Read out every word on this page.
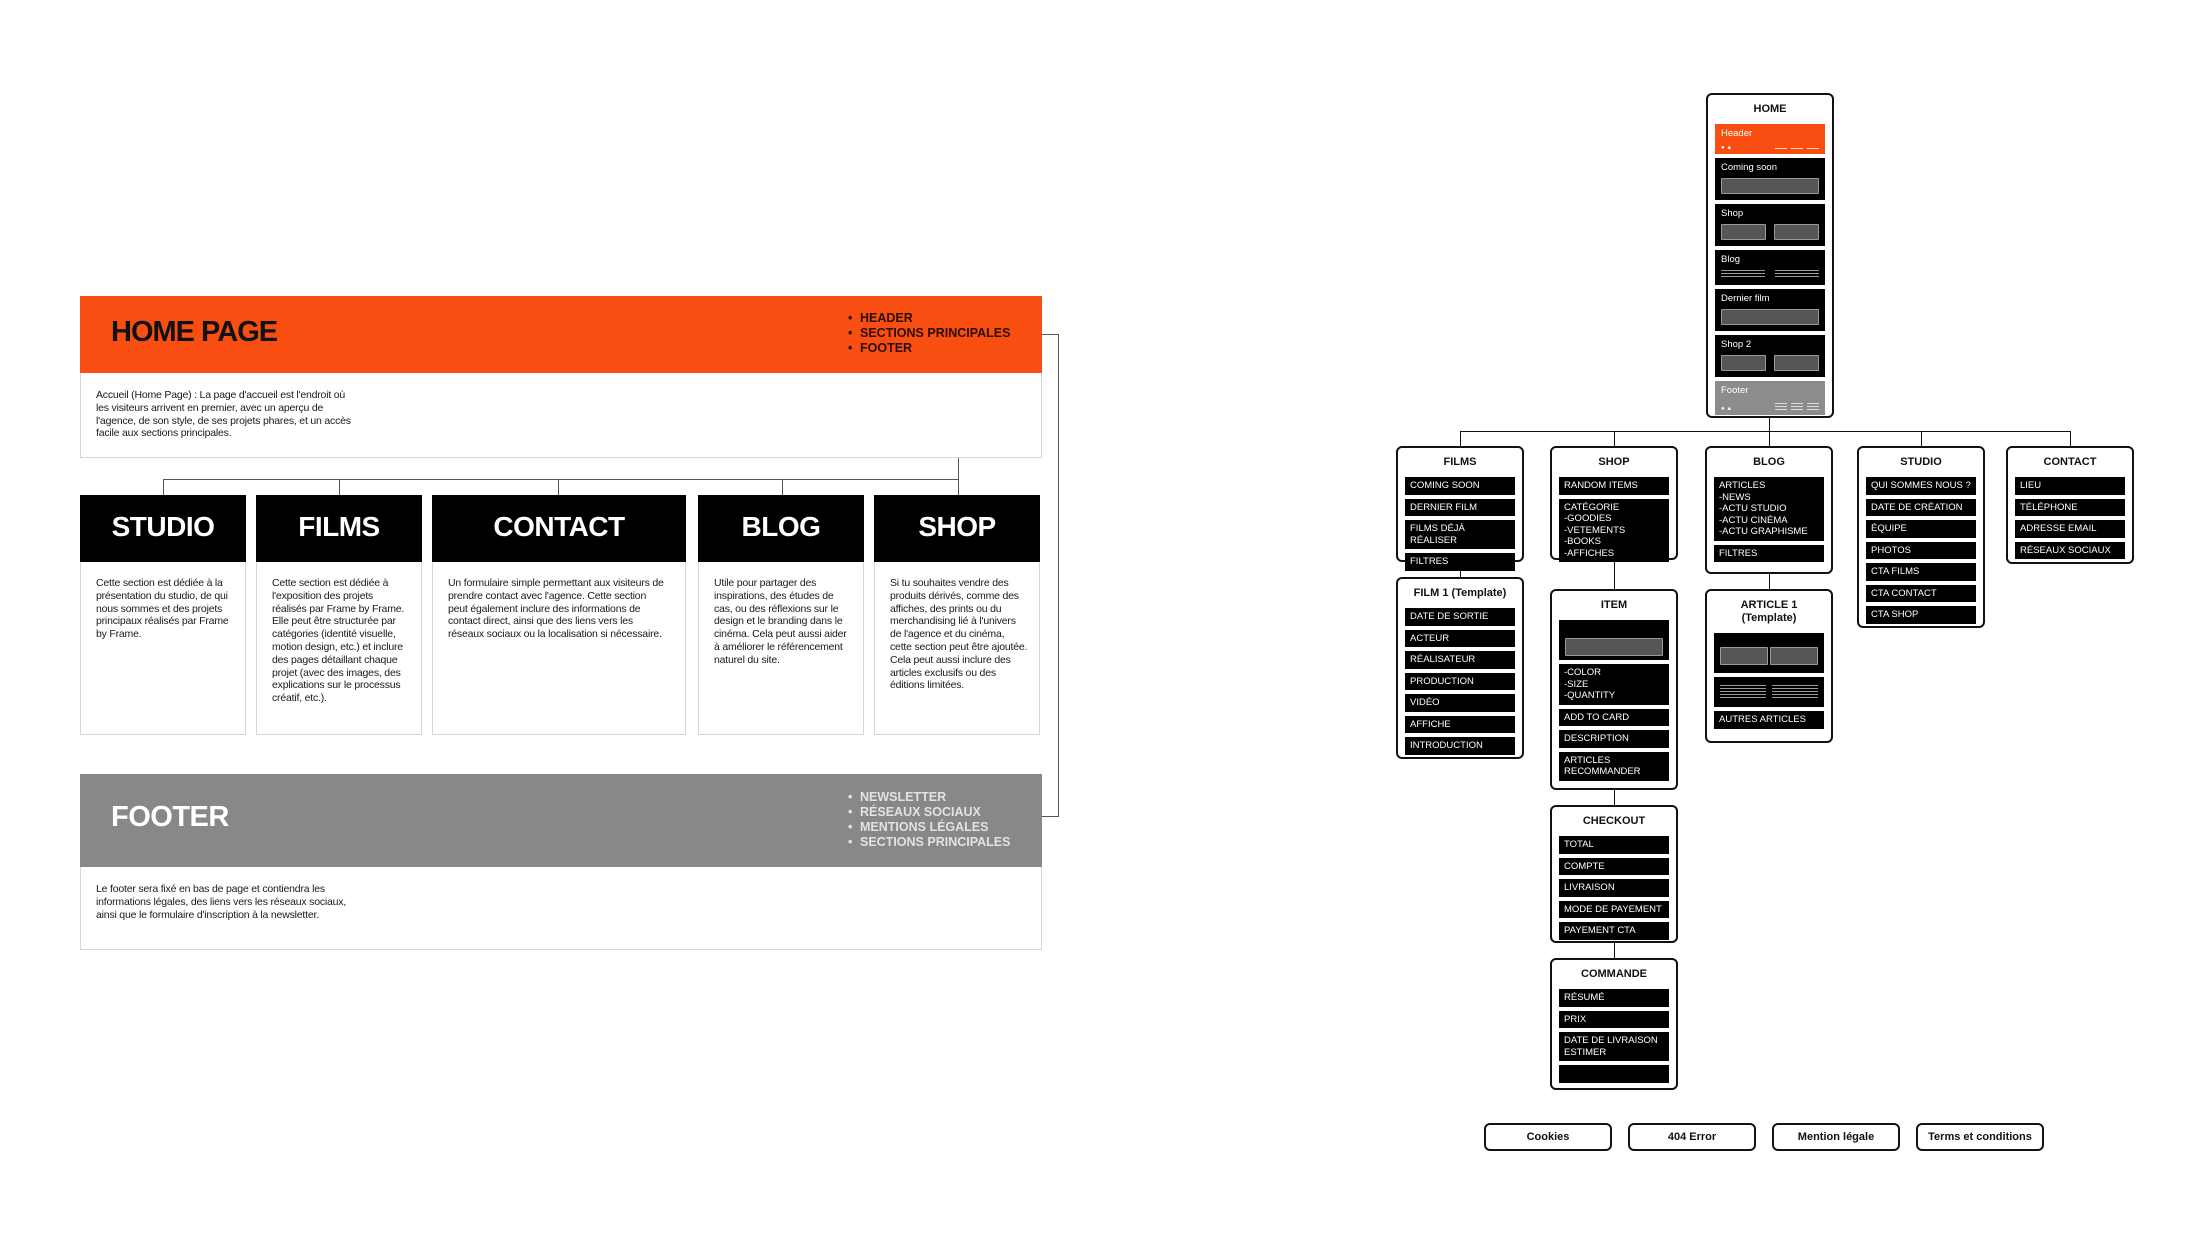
HOME PAGE
•	HEADER
• SECTIONS PRINCIPALES
• FOOTER
Accueil (Home Page) : La page d'accueil est l'endroit où les visiteurs arrivent en premier, avec un aperçu de l'agence, de son style, de ses projets phares, et un accès facile aux sections principales.
STUDIO
Cette section est dédiée à la présentation du studio, de qui nous sommes et des projets principaux réalisés par Frame by Frame.
FILMS
Cette section est dédiée à l'exposition des projets réalisés par Frame by Frame. Elle peut être structurée par catégories (identité visuelle, motion design, etc.) et inclure des pages détaillant chaque projet (avec des images, des explications sur le processus créatif, etc.).
CONTACT
Un formulaire simple permettant aux visiteurs de prendre contact avec l'agence. Cette section peut également inclure des informations de contact direct, ainsi que des liens vers les réseaux sociaux ou la localisation si nécessaire.
BLOG
Utile pour partager des inspirations, des études de cas, ou des réflexions sur le design et le branding dans le cinéma. Cela peut aussi aider à améliorer le référencement naturel du site.
SHOP
Si tu souhaites vendre des produits dérivés, comme des affiches, des prints ou du merchandising lié à l'univers de l'agence et du cinéma, cette section peut être ajoutée. Cela peut aussi inclure des articles exclusifs ou des éditions limitées.
FOOTER
• NEWSLETTER
• RÉSEAUX SOCIAUX
• MENTIONS LÉGALES
• SECTIONS PRINCIPALES
Le footer sera fixé en bas de page et contiendra les informations légales, des liens vers les réseaux sociaux, ainsi que le formulaire d'inscription à la newsletter.
HOME
Header
● ▲
Coming soon
Shop
Blog
Dernier film
Shop 2
Footer
● ▲
FILMS
COMING SOON
DERNIER FILM
FILMS DÉJÀ RÉALISER
FILTRES
SHOP
RANDOM ITEMS
CATÉGORIE
-GOODIES
-VETEMENTS
-BOOKS
-AFFICHES
BLOG
ARTICLES
-NEWS
-ACTU STUDIO
-ACTU CINÉMA
-ACTU GRAPHISME
FILTRES
STUDIO
QUI SOMMES NOUS ?
DATE DE CRÉATION
ÉQUIPE
PHOTOS
CTA FILMS
CTA CONTACT
CTA SHOP
CONTACT
LIEU
TÉLÉPHONE
ADRESSE EMAIL
RÉSEAUX SOCIAUX
FILM 1 (Template)
DATE DE SORTIE
ACTEUR
RÉALISATEUR
PRODUCTION
VIDÉO
AFFICHE
INTRODUCTION
ITEM
-COLOR
-SIZE
-QUANTITY
ADD TO CARD
DESCRIPTION
ARTICLES
RECOMMANDER
ARTICLE 1
(Template)
AUTRES ARTICLES
CHECKOUT
TOTAL
COMPTE
LIVRAISON
MODE DE PAYEMENT
PAYEMENT CTA
COMMANDE
RÉSUMÉ
PRIX
DATE DE LIVRAISON
ESTIMER
Cookies	404 Error	Mention légale	Terms et conditions
